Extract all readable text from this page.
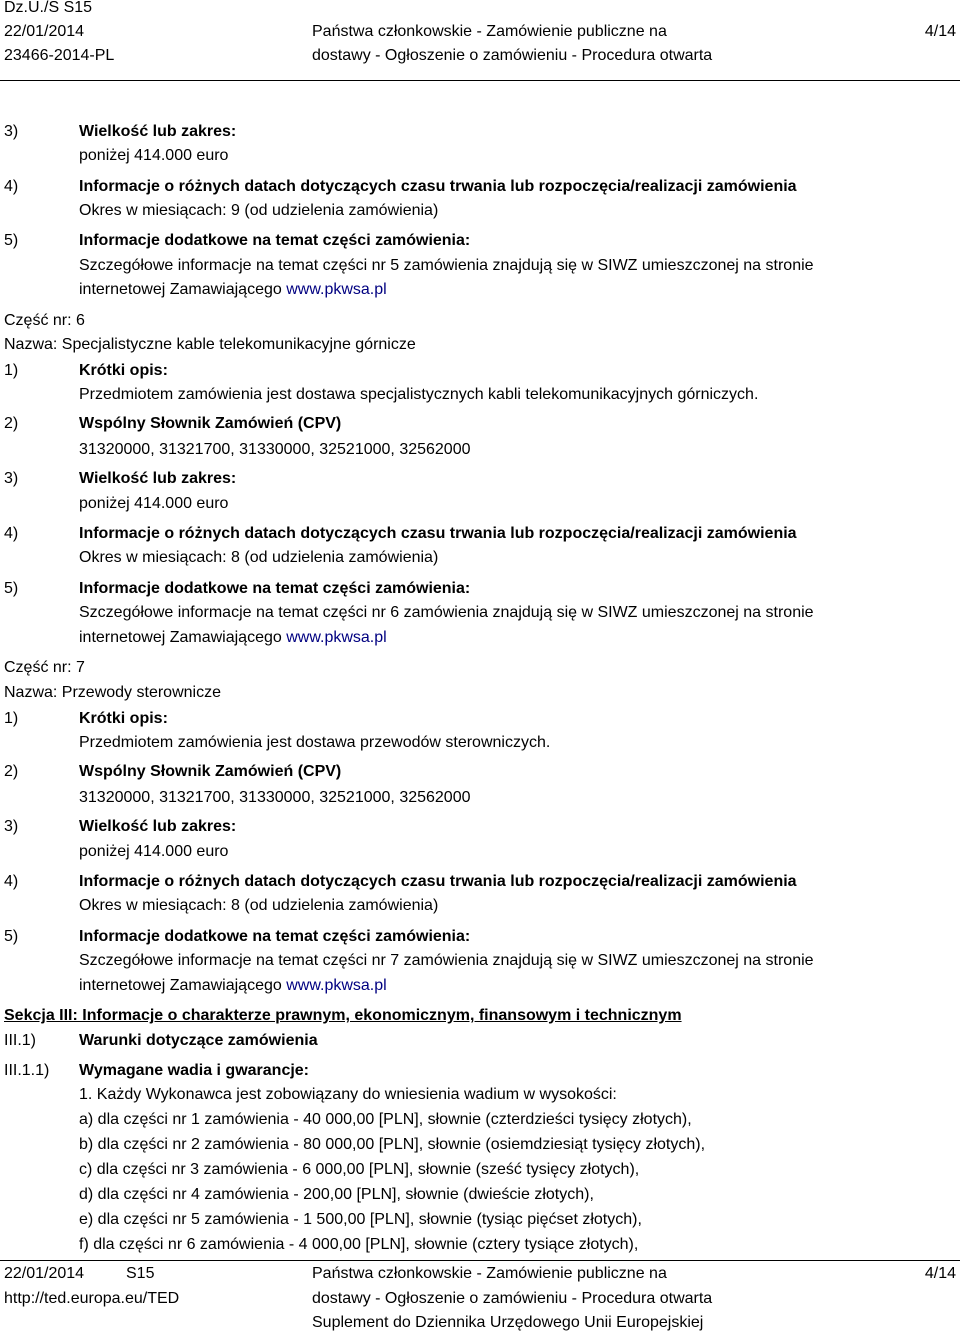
Dz.U./S S15
22/01/2014
23466-2014-PL
Państwa członkowskie - Zamówienie publiczne na
dostawy - Ogłoszenie o zamówieniu - Procedura otwarta
4/14
3)	Wielkość lub zakres:
poniżej 414.000 euro
4)	Informacje o różnych datach dotyczących czasu trwania lub rozpoczęcia/realizacji zamówienia
Okres w miesiącach: 9 (od udzielenia zamówienia)
5)	Informacje dodatkowe na temat części zamówienia:
Szczegółowe informacje na temat części nr 5 zamówienia znajdują się w SIWZ umieszczonej na stronie
internetowej Zamawiającego www.pkwsa.pl
Część nr: 6
Nazwa: Specjalistyczne kable telekomunikacyjne górnicze
1)	Krótki opis:
Przedmiotem zamówienia jest dostawa specjalistycznych kabli telekomunikacyjnych górniczych.
2)	Wspólny Słownik Zamówień (CPV)
31320000, 31321700, 31330000, 32521000, 32562000
3)	Wielkość lub zakres:
poniżej 414.000 euro
4)	Informacje o różnych datach dotyczących czasu trwania lub rozpoczęcia/realizacji zamówienia
Okres w miesiącach: 8 (od udzielenia zamówienia)
5)	Informacje dodatkowe na temat części zamówienia:
Szczegółowe informacje na temat części nr 6 zamówienia znajdują się w SIWZ umieszczonej na stronie
internetowej Zamawiającego www.pkwsa.pl
Część nr: 7
Nazwa: Przewody sterownicze
1)	Krótki opis:
Przedmiotem zamówienia jest dostawa przewodów sterowniczych.
2)	Wspólny Słownik Zamówień (CPV)
31320000, 31321700, 31330000, 32521000, 32562000
3)	Wielkość lub zakres:
poniżej 414.000 euro
4)	Informacje o różnych datach dotyczących czasu trwania lub rozpoczęcia/realizacji zamówienia
Okres w miesiącach: 8 (od udzielenia zamówienia)
5)	Informacje dodatkowe na temat części zamówienia:
Szczegółowe informacje na temat części nr 7 zamówienia znajdują się w SIWZ umieszczonej na stronie
internetowej Zamawiającego www.pkwsa.pl
Sekcja III: Informacje o charakterze prawnym, ekonomicznym, finansowym i technicznym
III.1)	Warunki dotyczące zamówienia
III.1.1) Wymagane wadia i gwarancje:
1. Każdy Wykonawca jest zobowiązany do wniesienia wadium w wysokości:
a) dla części nr 1 zamówienia - 40 000,00 [PLN], słownie (czterdzieści tysięcy złotych),
b) dla części nr 2 zamówienia - 80 000,00 [PLN], słownie (osiemdziesiąt tysięcy złotych),
c) dla części nr 3 zamówienia - 6 000,00 [PLN], słownie (sześć tysięcy złotych),
d) dla części nr 4 zamówienia - 200,00 [PLN], słownie (dwieście złotych),
e) dla części nr 5 zamówienia - 1 500,00 [PLN], słownie (tysiąc pięćset złotych),
f) dla części nr 6 zamówienia - 4 000,00 [PLN], słownie (cztery tysiące złotych),
22/01/2014	S15
http://ted.europa.eu/TED
Państwa członkowskie - Zamówienie publiczne na
dostawy - Ogłoszenie o zamówieniu - Procedura otwarta
Suplement do Dziennika Urzędowego Unii Europejskiej
4/14
